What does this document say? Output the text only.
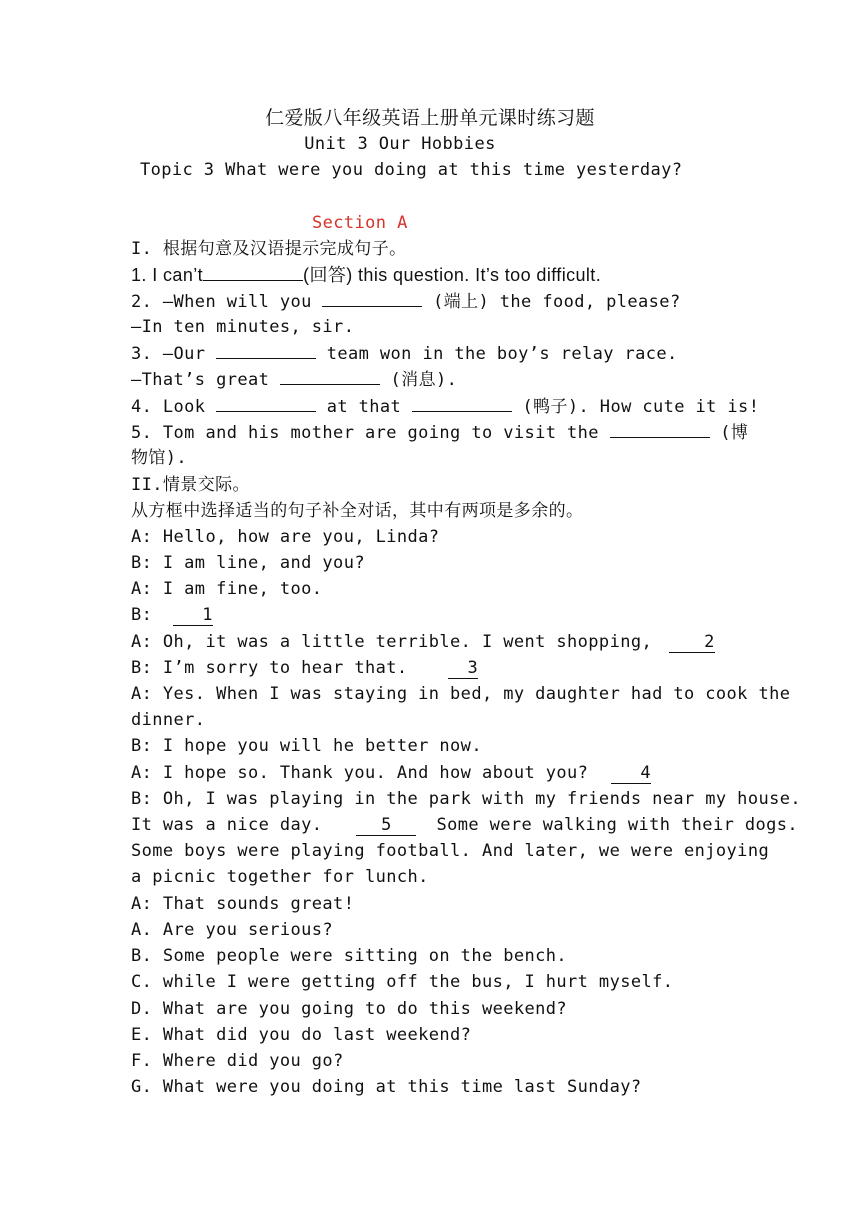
仁爱版八年级英语上册单元课时练习题
Unit 3 Our Hobbies
Topic 3 What were you doing at this time yesterday?
Section A
I. 根据句意及汉语提示完成句子。
1. I can’t	(回答) this question. It’s too difficult.
2. —When will you	(端上) the food, please?
—In ten minutes, sir.
3. —Our	team won in the boy’s relay race.
—That’s great	(消息).
4. Look	at that	(鸭子). How cute it is!
5. Tom and his mother are going to visit the	(博
物馆).
II.情景交际。
从方框中选择适当的句子补全对话，其中有两项是多余的。
A: Hello, how are you, Linda?
B: I am line, and you?
A: I am fine, too.
B:	1
A: Oh, it was a little terrible. I went shopping,	2
B: I’m sorry to hear that.	3
A: Yes. When I was staying in bed, my daughter had to cook the
dinner.
B: I hope you will he better now.
A: I hope so. Thank you. And how about you?	4
B: Oh, I was playing in the park with my friends near my house.
It was a nice day.	5	Some were walking with their dogs.
Some boys were playing football. And later, we were enjoying
a picnic together for lunch.
A: That sounds great!
A. Are you serious?
B. Some people were sitting on the bench.
C. while I were getting off the bus, I hurt myself.
D. What are you going to do this weekend?
E. What did you do last weekend?
F. Where did you go?
G. What were you doing at this time last Sunday?
